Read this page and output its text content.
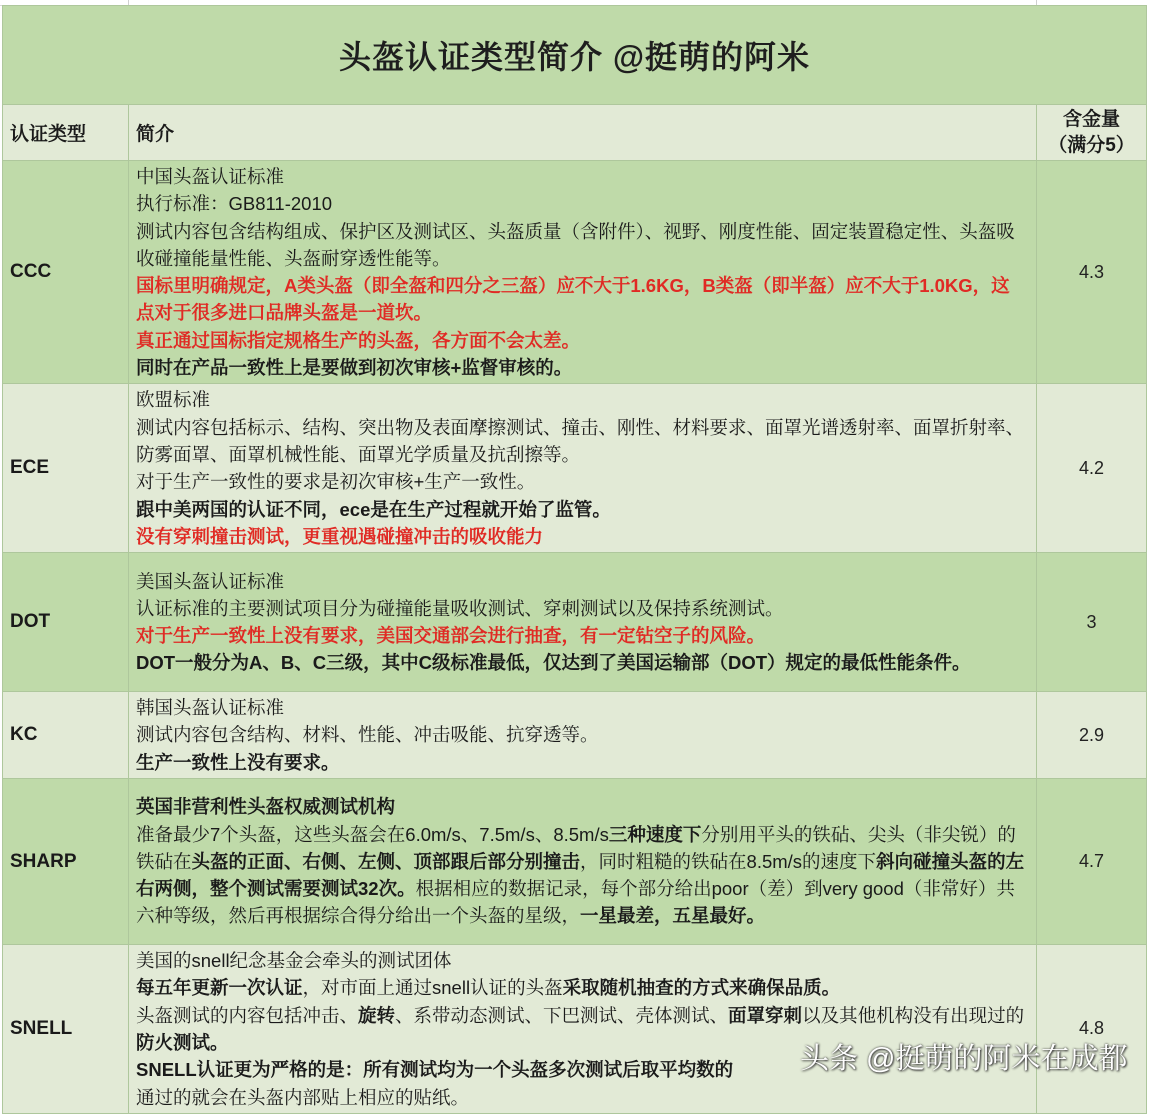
头盔认证类型简介 @挺萌的阿米		
认证类型	简介	含金量
（满分5）

CCC	
中国头盔认证标准
执行标准：GB811-2010
测试内容包含结构组成、保护区及测试区、头盔质量（含附件）、视野、刚度性能、固定装置稳定性、头盔吸收碰撞能量性能、头盔耐穿透性能等。
国标里明确规定，A类头盔（即全盔和四分之三盔）应不大于1.6KG，B类盔（即半盔）应不大于1.0KG，这点对于很多进口品牌头盔是一道坎。
真正通过国标指定规格生产的头盔，各方面不会太差。
同时在产品一致性上是要做到初次审核+监督审核的。
	4.3
ECE	欧盟标准
测试内容包括标示、结构、突出物及表面摩擦测试、撞击、刚性、材料要求、面罩光谱透射率、面罩折射率、防雾面罩、面罩机械性能、面罩光学质量及抗刮擦等。
对于生产一致性的要求是初次审核+生产一致性。
跟中美两国的认证不同，ece是在生产过程就开始了监管。
没有穿刺撞击测试，更重视遇碰撞冲击的吸收能力	4.2
DOT	美国头盔认证标准
认证标准的主要测试项目分为碰撞能量吸收测试、穿刺测试以及保持系统测试。
对于生产一致性上没有要求，美国交通部会进行抽查，有一定钻空子的风险。
DOT一般分为A、B、C三级，其中C级标准最低，仅达到了美国运输部（DOT）规定的最低性能条件。	3
KC	韩国头盔认证标准
测试内容包含结构、材料、性能、冲击吸能、抗穿透等。
生产一致性上没有要求。	2.9
SHARP	英国非营利性头盔权威测试机构
准备最少7个头盔，这些头盔会在6.0m/s、7.5m/s、8.5m/s三种速度下分别用平头的铁砧、尖头（非尖锐）的铁砧在头盔的正面、右侧、左侧、顶部跟后部分别撞击，同时粗糙的铁砧在8.5m/s的速度下斜向碰撞头盔的左右两侧，整个测试需要测试32次。根据相应的数据记录，每个部分给出poor（差）到very good（非常好）共六种等级，然后再根据综合得分给出一个头盔的星级，一星最差，五星最好。	4.7
SNELL	美国的snell纪念基金会牵头的测试团体
每五年更新一次认证，对市面上通过snell认证的头盔采取随机抽查的方式来确保品质。
头盔测试的内容包括冲击、旋转、系带动态测试、下巴测试、壳体测试、面罩穿刺以及其他机构没有出现过的防火测试。
SNELL认证更为严格的是：所有测试均为一个头盔多次测试后取平均数的
通过的就会在头盔内部贴上相应的贴纸。	4.8
头条 @挺萌的阿米在成都
